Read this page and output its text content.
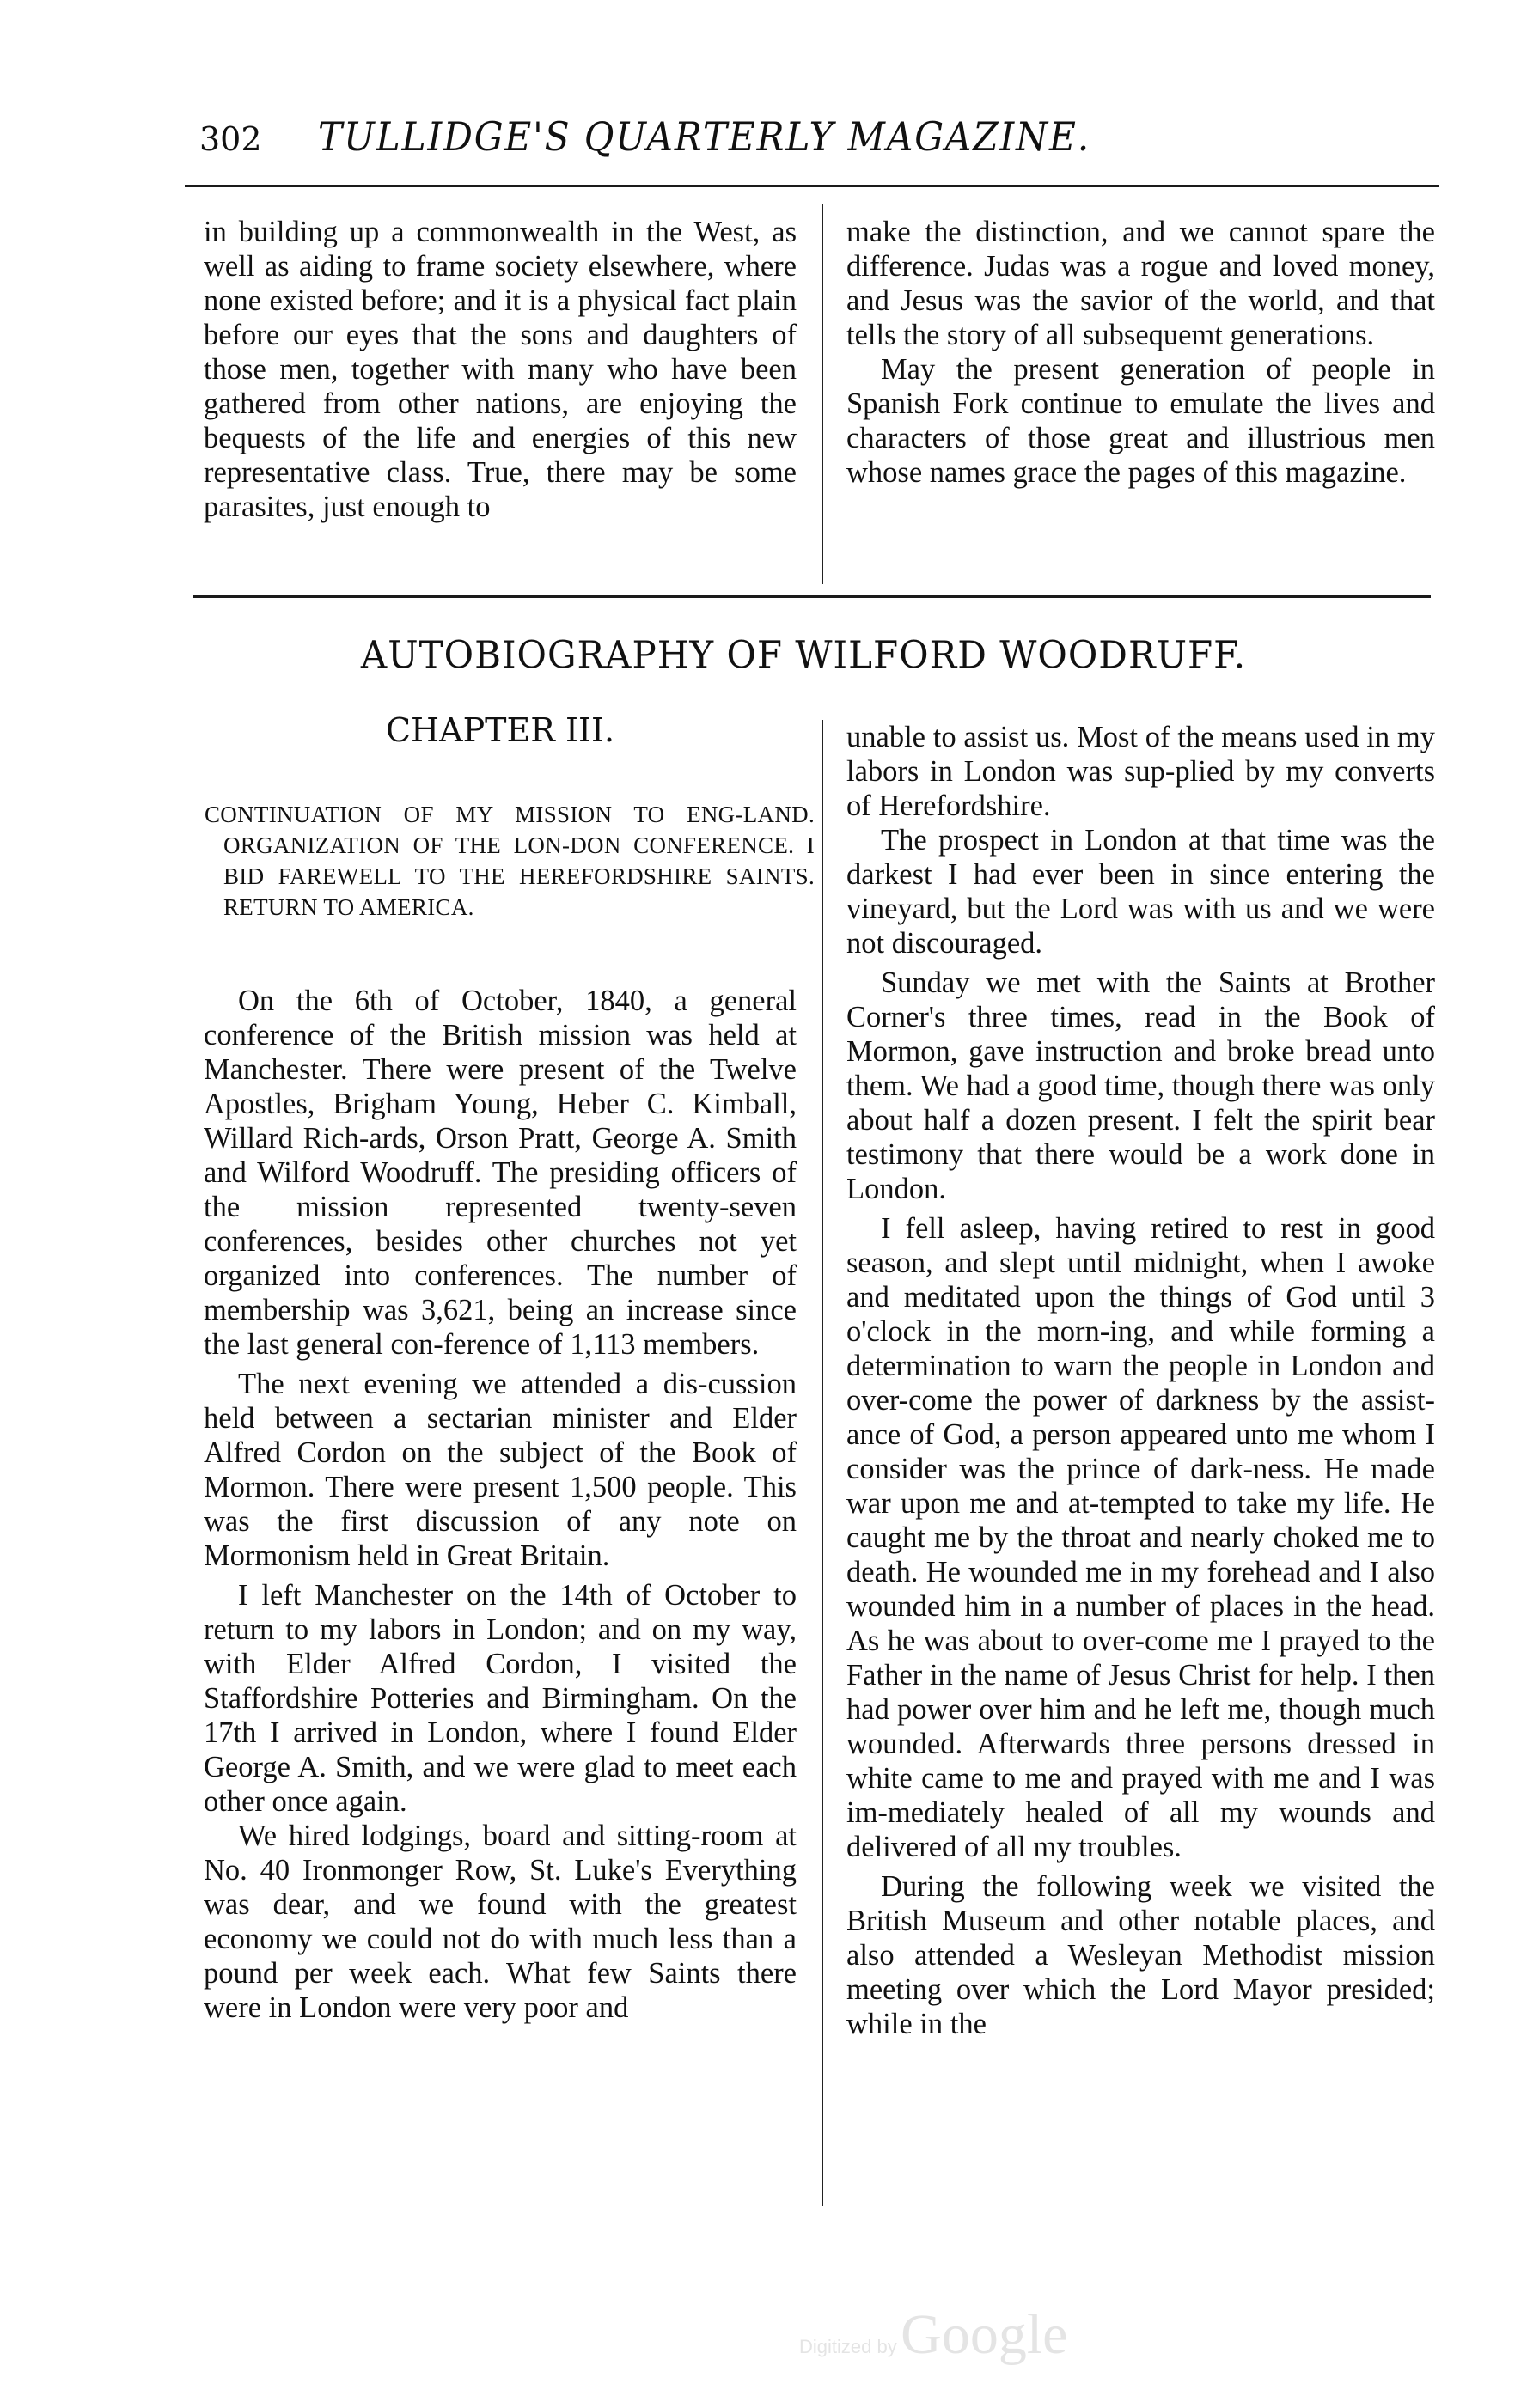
302 TULLIDGE'S QUARTERLY MAGAZINE.

in building up a commonwealth in the West, as well as aiding to frame society elsewhere, where none existed before; and it is a physical fact plain before our eyes that the sons and daughters of those men, together with many who have been gathered from other nations, are enjoying the bequests of the life and energies of this new representative class. True, there may be some parasites, just enough to

make the distinction, and we cannot spare the difference. Judas was a rogue and loved money, and Jesus was the savior of the world, and that tells the story of all subsequemt generations.

May the present generation of people in Spanish Fork continue to emulate the lives and characters of those great and illustrious men whose names grace the pages of this magazine.

AUTOBIOGRAPHY OF WILFORD WOODRUFF.
CHAPTER III.
CONTINUATION OF MY MISSION TO ENG-LAND. ORGANIZATION OF THE LON-DON CONFERENCE. I BID FAREWELL TO THE HEREFORDSHIRE SAINTS. RETURN TO AMERICA.

On the 6th of October, 1840, a general conference of the British mission was held at Manchester. There were present of the Twelve Apostles, Brigham Young, Heber C. Kimball, Willard Rich-ards, Orson Pratt, George A. Smith and Wilford Woodruff. The presiding officers of the mission represented twenty-seven conferences, besides other churches not yet organized into conferences. The number of membership was 3,621, being an increase since the last general con-ference of 1,113 members.

The next evening we attended a dis-cussion held between a sectarian minister and Elder Alfred Cordon on the subject of the Book of Mormon. There were present 1,500 people. This was the first discussion of any note on Mormonism held in Great Britain.

I left Manchester on the 14th of October to return to my labors in London; and on my way, with Elder Alfred Cordon, I visited the Staffordshire Potteries and Birmingham. On the 17th I arrived in London, where I found Elder George A. Smith, and we were glad to meet each other once again.

We hired lodgings, board and sitting-room at No. 40 Ironmonger Row, St. Luke's Everything was dear, and we found with the greatest economy we could not do with much less than a pound per week each. What few Saints there were in London were very poor and

unable to assist us. Most of the means used in my labors in London was sup-plied by my converts of Herefordshire.

The prospect in London at that time was the darkest I had ever been in since entering the vineyard, but the Lord was with us and we were not discouraged.

Sunday we met with the Saints at Brother Corner's three times, read in the Book of Mormon, gave instruction and broke bread unto them. We had a good time, though there was only about half a dozen present. I felt the spirit bear testimony that there would be a work done in London.

I fell asleep, having retired to rest in good season, and slept until midnight, when I awoke and meditated upon the things of God until 3 o'clock in the morn-ing, and while forming a determination to warn the people in London and over-come the power of darkness by the assist-ance of God, a person appeared unto me whom I consider was the prince of dark-ness. He made war upon me and at-tempted to take my life. He caught me by the throat and nearly choked me to death. He wounded me in my forehead and I also wounded him in a number of places in the head. As he was about to over-come me I prayed to the Father in the name of Jesus Christ for help. I then had power over him and he left me, though much wounded. Afterwards three persons dressed in white came to me and prayed with me and I was im-mediately healed of all my wounds and delivered of all my troubles.

During the following week we visited the British Museum and other notable places, and also attended a Wesleyan Methodist mission meeting over which the Lord Mayor presided; while in the

Digitized by Google
